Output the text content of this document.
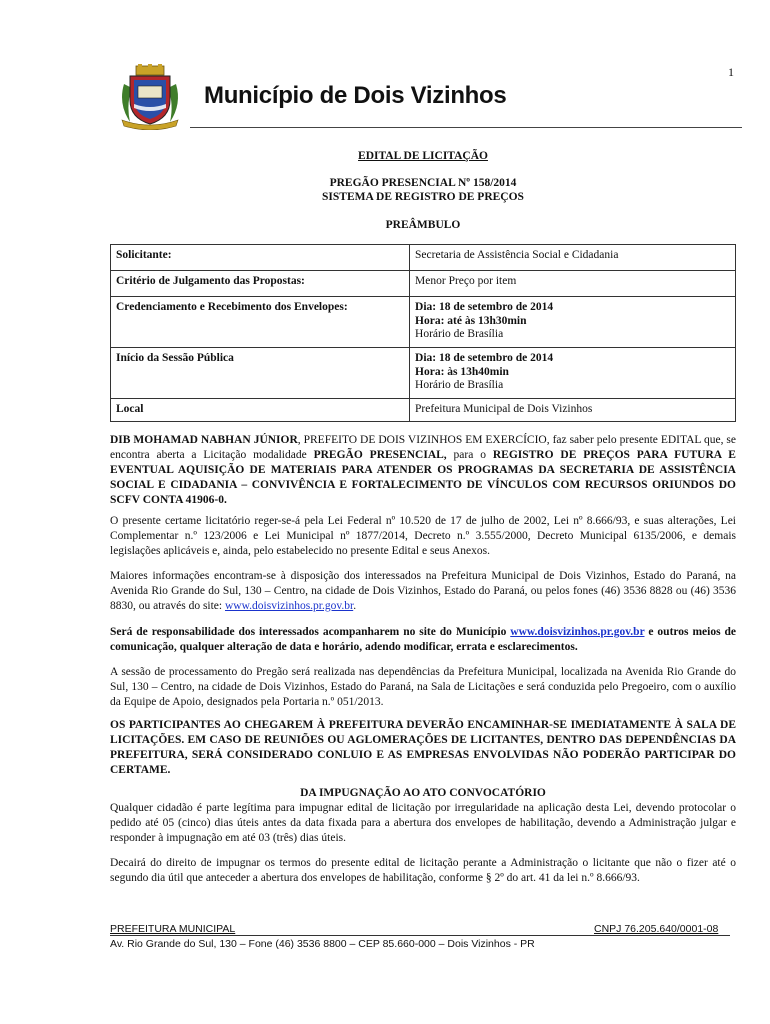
1
Município de Dois Vizinhos
EDITAL DE LICITAÇÃO
PREGÃO PRESENCIAL Nº 158/2014
SISTEMA DE REGISTRO DE PREÇOS
PREÂMBULO
Solicitante:	Secretaria de Assistência Social e Cidadania
Critério de Julgamento das Propostas:	Menor Preço por item
Credenciamento e Recebimento dos Envelopes:	Dia: 18 de setembro de 2014
Hora: até às 13h30min
Horário de Brasília

Início da Sessão Pública	Dia: 18 de setembro de 2014
Hora: às 13h40min
Horário de Brasília

Local	Prefeitura Municipal de Dois Vizinhos
DIB MOHAMAD NABHAN JÚNIOR, PREFEITO DE DOIS VIZINHOS EM EXERCÍCIO, faz saber pelo presente EDITAL que, se encontra aberta a Licitação modalidade PREGÃO PRESENCIAL, para o REGISTRO DE PREÇOS PARA FUTURA E EVENTUAL AQUISIÇÃO DE MATERIAIS PARA ATENDER OS PROGRAMAS DA SECRETARIA DE ASSISTÊNCIA SOCIAL E CIDADANIA – CONVIVÊNCIA E FORTALECIMENTO DE VÍNCULOS COM RECURSOS ORIUNDOS DO SCFV CONTA 41906-0.
O presente certame licitatório reger-se-á pela Lei Federal nº 10.520 de 17 de julho de 2002, Lei nº 8.666/93, e suas alterações, Lei Complementar n.º 123/2006 e Lei Municipal nº 1877/2014, Decreto n.º 3.555/2000, Decreto Municipal 6135/2006, e demais legislações aplicáveis e, ainda, pelo estabelecido no presente Edital e seus Anexos.
Maiores informações encontram-se à disposição dos interessados na Prefeitura Municipal de Dois Vizinhos, Estado do Paraná, na Avenida Rio Grande do Sul, 130 – Centro, na cidade de Dois Vizinhos, Estado do Paraná, ou pelos fones (46) 3536 8828 ou (46) 3536 8830, ou através do site: www.doisvizinhos.pr.gov.br.
Será de responsabilidade dos interessados acompanharem no site do Município www.doisvizinhos.pr.gov.br e outros meios de comunicação, qualquer alteração de data e horário, adendo modificar, errata e esclarecimentos.
A sessão de processamento do Pregão será realizada nas dependências da Prefeitura Municipal, localizada na Avenida Rio Grande do Sul, 130 – Centro, na cidade de Dois Vizinhos, Estado do Paraná, na Sala de Licitações e será conduzida pelo Pregoeiro, com o auxílio da Equipe de Apoio, designados pela Portaria n.º 051/2013.
OS PARTICIPANTES AO CHEGAREM À PREFEITURA DEVERÃO ENCAMINHAR-SE IMEDIATAMENTE À SALA DE LICITAÇÕES. EM CASO DE REUNIÕES OU AGLOMERAÇÕES DE LICITANTES, DENTRO DAS DEPENDÊNCIAS DA PREFEITURA, SERÁ CONSIDERADO CONLUIO E AS EMPRESAS ENVOLVIDAS NÃO PODERÃO PARTICIPAR DO CERTAME.
DA IMPUGNAÇÃO AO ATO CONVOCATÓRIO
Qualquer cidadão é parte legítima para impugnar edital de licitação por irregularidade na aplicação desta Lei, devendo protocolar o pedido até 05 (cinco) dias úteis antes da data fixada para a abertura dos envelopes de habilitação, devendo a Administração julgar e responder à impugnação em até 03 (três) dias úteis.
Decairá do direito de impugnar os termos do presente edital de licitação perante a Administração o licitante que não o fizer até o segundo dia útil que anteceder a abertura dos envelopes de habilitação, conforme § 2º do art. 41 da lei n.º 8.666/93.
PREFEITURA MUNICIPAL	CNPJ 76.205.640/0001-08
Av. Rio Grande do Sul, 130 – Fone (46) 3536 8800 – CEP 85.660-000 – Dois Vizinhos - PR
